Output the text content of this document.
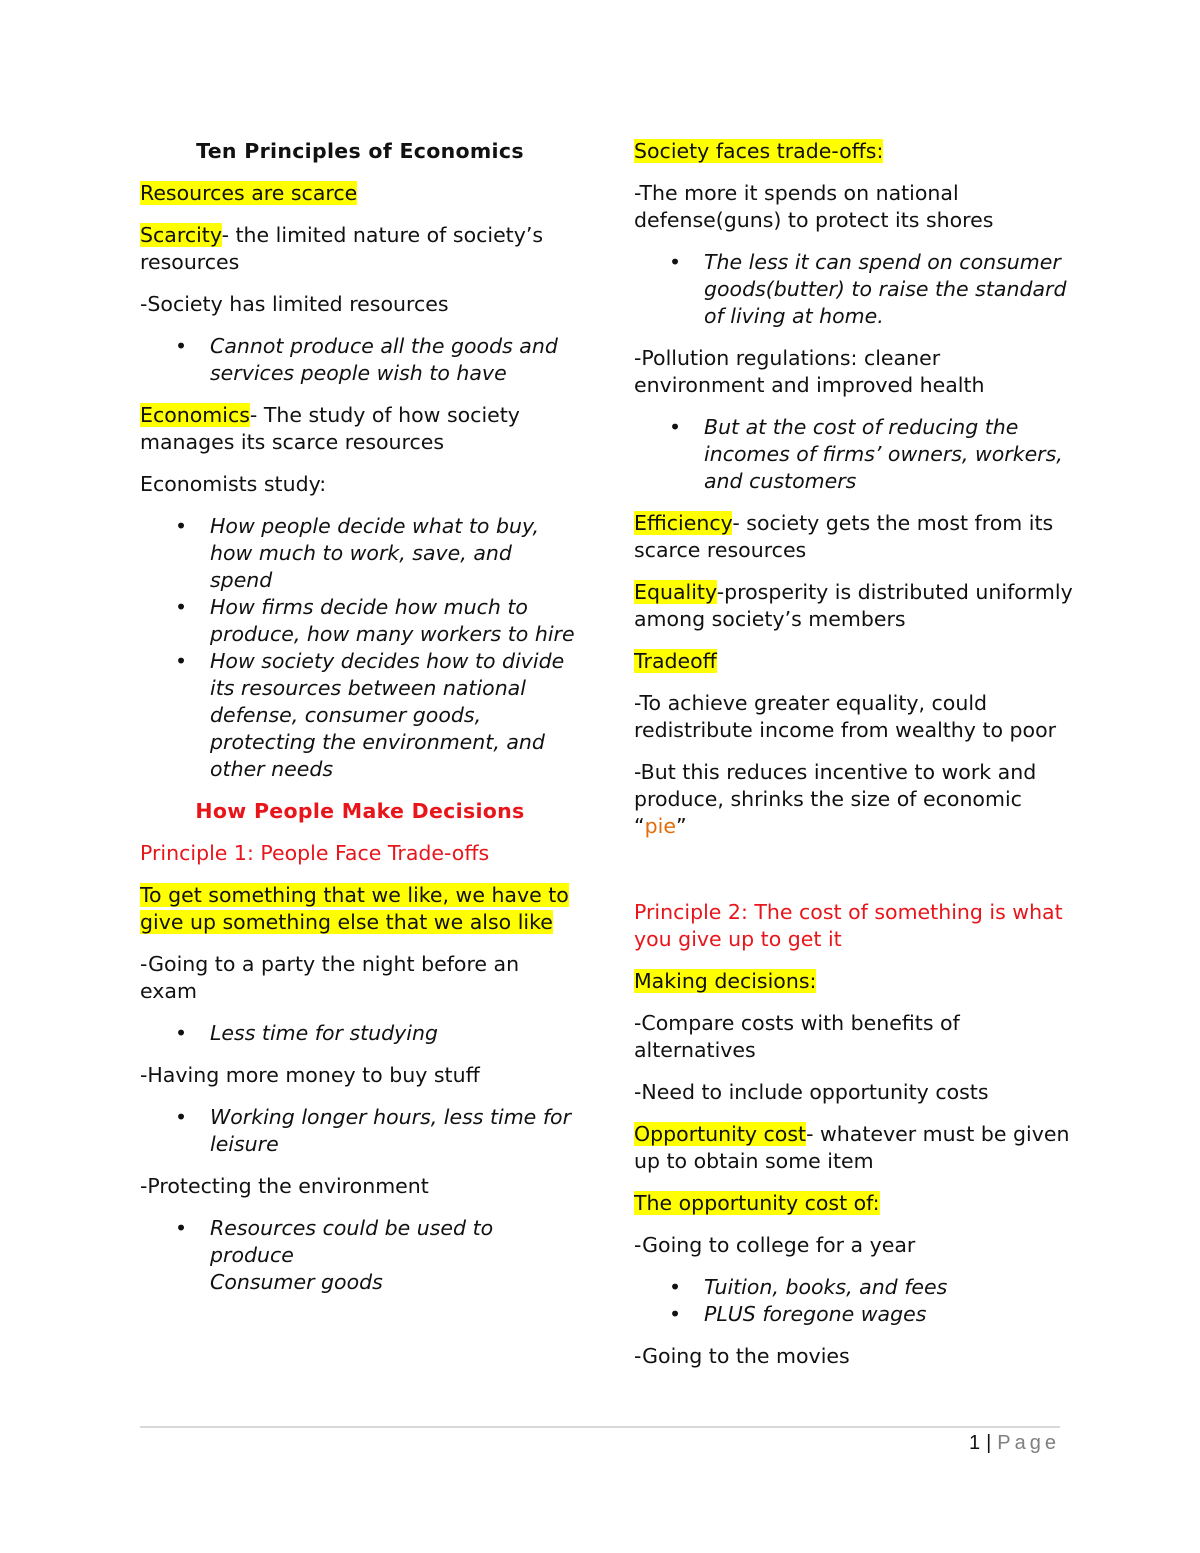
Ten Principles of Economics

Resources are scarce

Scarcity- the limited nature of society’s resources

-Society has limited resources

• Cannot produce all the goods and services people wish to have

Economics- The study of how society manages its scarce resources

Economists study:

• How people decide what to buy, how much to work, save, and spend
• How firms decide how much to produce, how many workers to hire
• How society decides how to divide its resources between national defense, consumer goods, protecting the environment, and other needs

How People Make Decisions

Principle 1: People Face Trade-offs

To get something that we like, we have to give up something else that we also like

-Going to a party the night before an exam

• Less time for studying

-Having more money to buy stuff

• Working longer hours, less time for leisure

-Protecting the environment

• Resources could be used to produce
Consumer goods

Society faces trade-offs:

-The more it spends on national defense(guns) to protect its shores

• The less it can spend on consumer goods(butter) to raise the standard of living at home.

-Pollution regulations: cleaner environment and improved health

• But at the cost of reducing the incomes of firms’ owners, workers, and customers

Efficiency- society gets the most from its scarce resources

Equality-prosperity is distributed uniformly among society’s members

Tradeoff

-To achieve greater equality, could redistribute income from wealthy to poor

-But this reduces incentive to work and produce, shrinks the size of economic “pie”

Principle 2: The cost of something is what you give up to get it

Making decisions:

-Compare costs with benefits of alternatives

-Need to include opportunity costs

Opportunity cost- whatever must be given up to obtain some item

The opportunity cost of:

-Going to college for a year

• Tuition, books, and fees
• PLUS foregone wages

-Going to the movies

1 | Page
